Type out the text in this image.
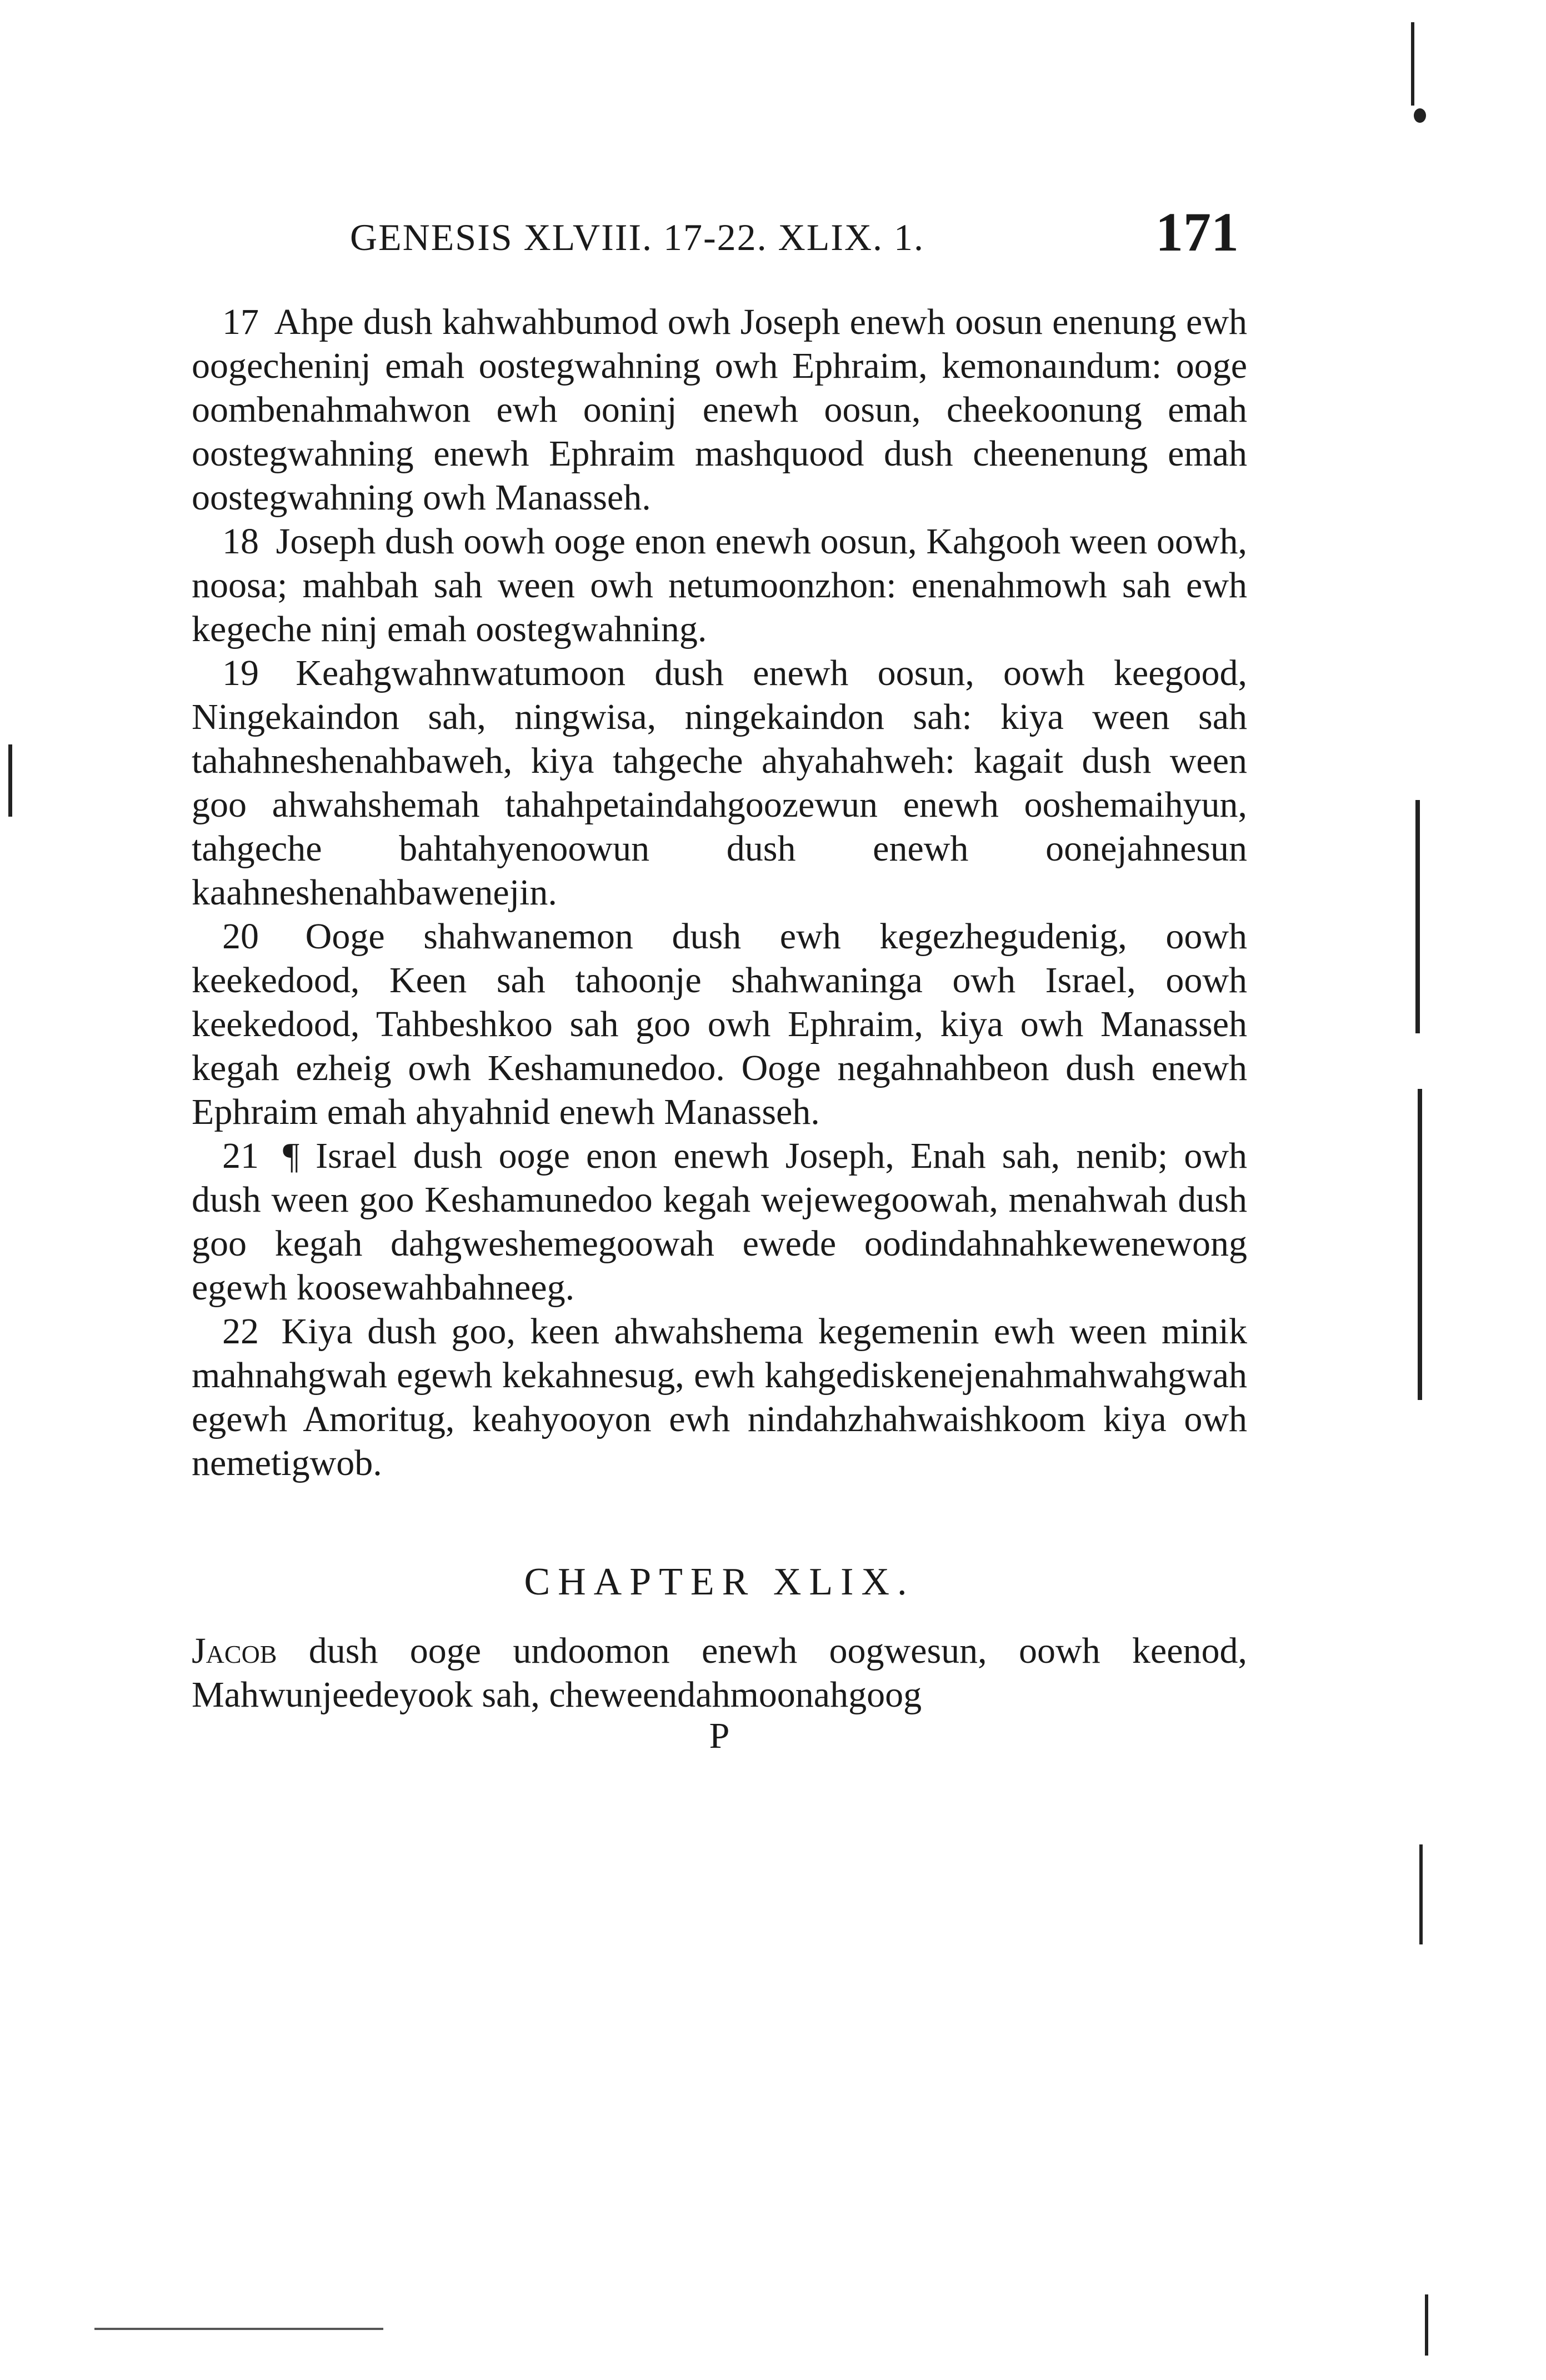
GENESIS XLVIII. 17-22. XLIX. 1.	171

17 Ahpe dush kahwahbumod owh Joseph enewh oosun enenung ewh oogecheninj emah oostegwahning owh Ephraim, kemonaındum: ooge oombenahmahwon ewh ooninj enewh oosun, cheekoonung emah oostegwahning enewh Ephraim mashquood dush cheenenung emah oostegwahning owh Manasseh.

18 Joseph dush oowh ooge enon enewh oosun, Kahgooh ween oowh, noosa; mahbah sah ween owh netumoonzhon: enenahmowh sah ewh kegeche ninj emah oostegwahning.

19 Keahgwahnwatumoon dush enewh oosun, oowh keegood, Ningekaindon sah, ningwisa, ningekaindon sah: kiya ween sah tahahneshenahbaweh, kiya tahgeche ahyahahweh: kagait dush ween goo ahwahshemah tahahpetaindahgoozewun enewh ooshemaihyun, tahgeche bahtahyenoowun dush enewh oonejahnesun kaahneshenahbawenejin.

20 Ooge shahwanemon dush ewh kegezhegudenig, oowh keekedood, Keen sah tahoonje shahwaninga owh Israel, oowh keekedood, Tahbeshkoo sah goo owh Ephraim, kiya owh Manasseh kegah ezheig owh Keshamunedoo. Ooge negahnahbeon dush enewh Ephraim emah ahyahnid enewh Manasseh.

21 ¶ Israel dush ooge enon enewh Joseph, Enah sah, nenib; owh dush ween goo Keshamunedoo kegah wejewegoowah, menahwah dush goo kegah dahgweshemegoowah ewede oodindahnahkewenewong egewh koosewahbahneeg.

22 Kiya dush goo, keen ahwahshema kegemenin ewh ween minik mahnahgwah egewh kekahnesug, ewh kahgediskenejenahmahwahgwah egewh Amoritug, keahyooyon ewh nindahzhahwaishkoom kiya owh nemetigwob.

CHAPTER XLIX.

Jacob dush ooge undoomon enewh oogwesun, oowh keenod, Mahwunjeedeyook sah, cheweendahmoonahgoog

P
